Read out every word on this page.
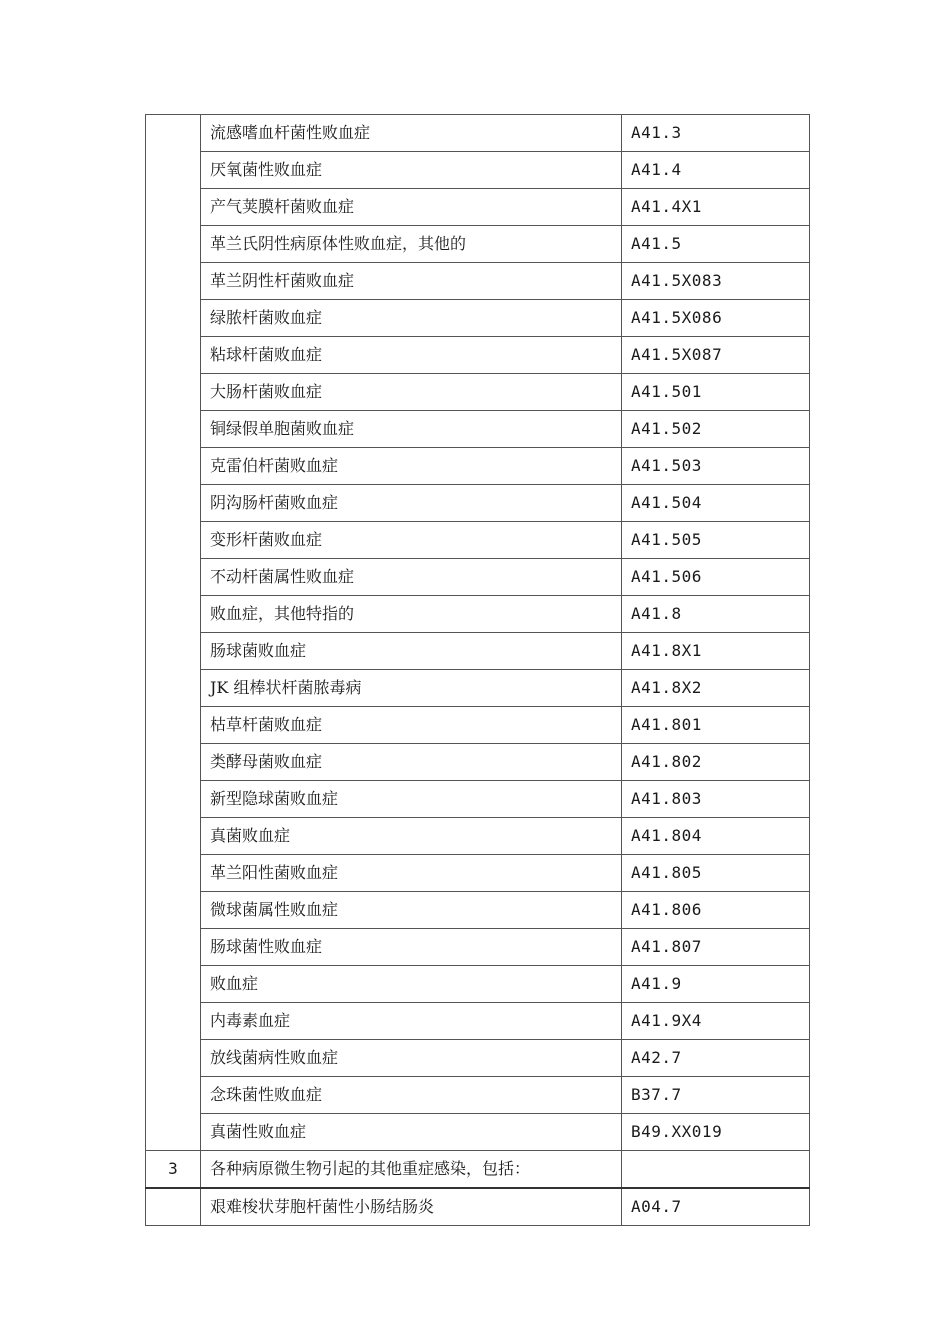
	流感嗜血杆菌性败血症	A41.3
	厌氧菌性败血症	A41.4
	产气荚膜杆菌败血症	A41.4X1
	革兰氏阴性病原体性败血症，其他的	A41.5
	革兰阴性杆菌败血症	A41.5X083
	绿脓杆菌败血症	A41.5X086
	粘球杆菌败血症	A41.5X087
	大肠杆菌败血症	A41.501
	铜绿假单胞菌败血症	A41.502
	克雷伯杆菌败血症	A41.503
	阴沟肠杆菌败血症	A41.504
	变形杆菌败血症	A41.505
	不动杆菌属性败血症	A41.506
	败血症，其他特指的	A41.8
	肠球菌败血症	A41.8X1
	JK 组棒状杆菌脓毒病	A41.8X2
	枯草杆菌败血症	A41.801
	类酵母菌败血症	A41.802
	新型隐球菌败血症	A41.803
	真菌败血症	A41.804
	革兰阳性菌败血症	A41.805
	微球菌属性败血症	A41.806
	肠球菌性败血症	A41.807
	败血症	A41.9
	内毒素血症	A41.9X4
	放线菌病性败血症	A42.7
	念珠菌性败血症	B37.7
	真菌性败血症	B49.XX019
3	各种病原微生物引起的其他重症感染，包括：	
	艰难梭状芽胞杆菌性小肠结肠炎	A04.7
